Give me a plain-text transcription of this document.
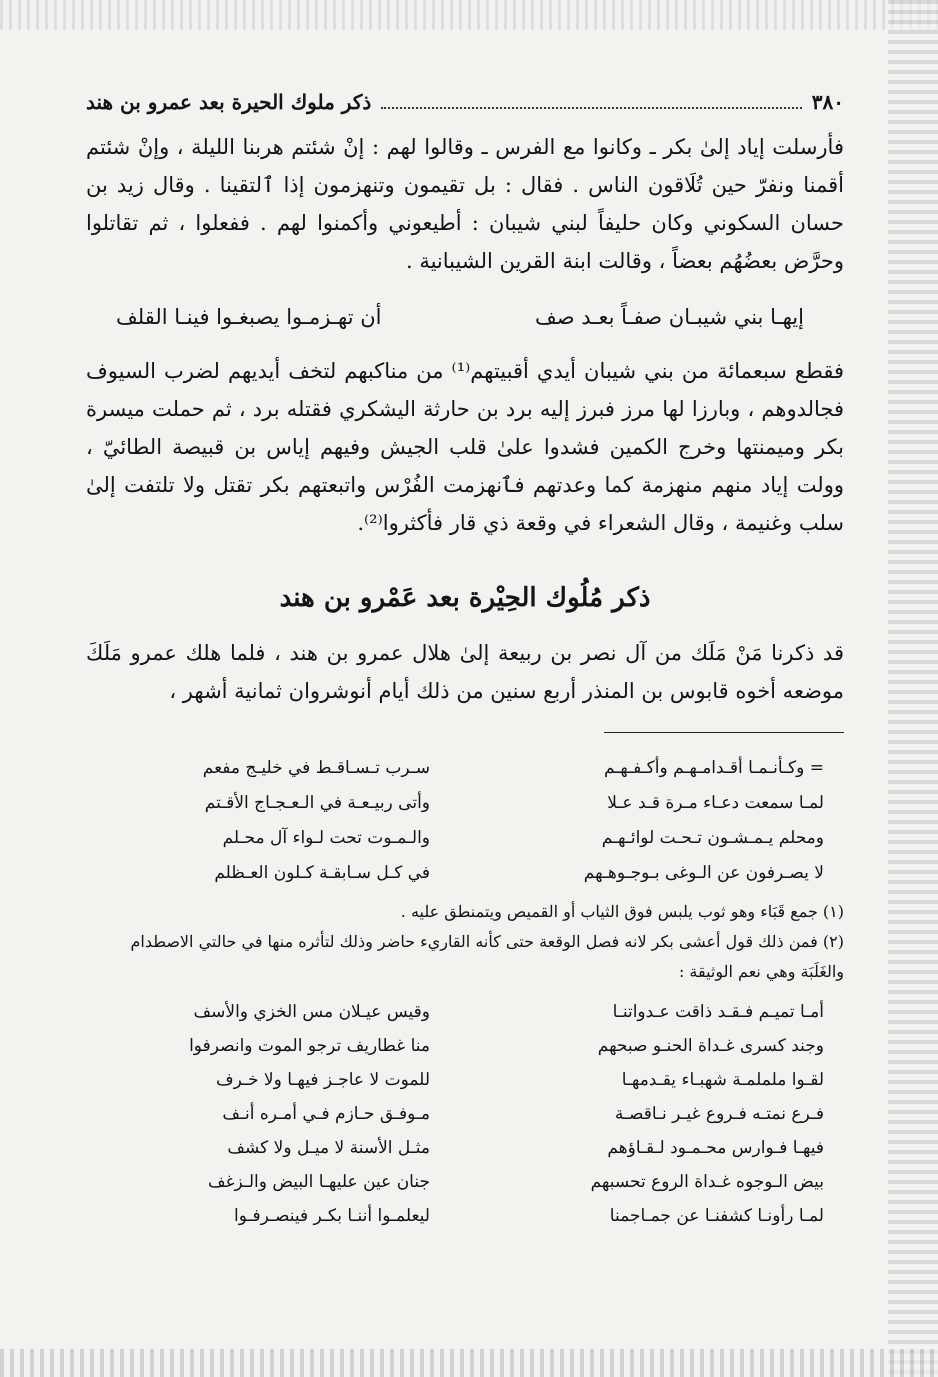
٣٨٠
ذكر ملوك الحيرة بعد عمرو بن هند

فأرسلت إياد إلىٰ بكر ـ وكانوا مع الفرس ـ وقالوا لهم : إنْ شئتم هربنا الليلة ، وإنْ شئتم أقمنا ونفرّ حين تُلَاقون الناس . فقال : بل تقيمون وتنهزمون إذا ٱلتقينا . وقال زيد بن حسان السكوني وكان حليفاً لبني شيبان : أطيعوني وأكمنوا لهم . ففعلوا ، ثم تقاتلوا وحرَّض بعضُهُم بعضاً ، وقالت ابنة القرين الشيبانية .

إيهـا بني شيبـان صفـاً بعـد صف
أن تهـزمـوا يصبغـوا فينـا القلف

فقطع سبعمائة من بني شيبان أيدي أقبيتهم⁽¹⁾ من مناكبهم لتخف أيديهم لضرب السيوف فجالدوهم ، وبارزا لها مرز فبرز إليه برد بن حارثة اليشكري فقتله برد ، ثم حملت ميسرة بكر وميمنتها وخرج الكمين فشدوا علىٰ قلب الجيش وفيهم إياس بن قبيصة الطائيّ ، وولت إياد منهم منهزمة كما وعدتهم فٱنهزمت الفُرْس واتبعتهم بكر تقتل ولا تلتفت إلىٰ سلب وغنيمة ، وقال الشعراء في وقعة ذي قار فأكثروا⁽²⁾.

ذكر مُلُوك الحِيْرة بعد عَمْرو بن هند

قد ذكرنا مَنْ مَلَك من آل نصر بن ربيعة إلىٰ هلال عمرو بن هند ، فلما هلك عمرو مَلَكَ موضعه أخوه قابوس بن المنذر أربع سنين من ذلك أيام أنوشروان ثمانية أشهر ،

= وكـأنـمـا أقـدامـهـم وأكـفـهـم
سـرب تـسـاقـط في خليـج مفعم
لمـا سمعت دعـاء مـرة قـد عـلا
وأتى ربيـعـة في الـعـجـاج الأقـتم
ومحلم يـمـشـون تـحـت لوائـهـم
والـمـوت تحت لـواء آل محـلم
لا يصـرفون عن الـوغى بـوجـوهـهم
في كـل سـابقـة كـلون العـظلم

(١) جمع قَبَاء وهو ثوب يلبس فوق الثياب أو القميص ويتمنطق عليه .

(٢) فمن ذلك قول أعشى بكر لانه فصل الوقعة حتى كأنه القاريء حاضر وذلك لتأثره منها في حالتي الاصطدام والغَلَبَة وهي نعم الوثيقة :

أمـا تميـم فـقـد ذاقت عـدواتنـا
وقيس عيـلان مس الخزي والأسف
وجند كسرى غـداة الحنـو صبحهم
منا غطاريف ترجو الموت وانصرفوا
لقـوا ململمـة شهبـاء يقـدمهـا
للموت لا عاجـز فيهـا ولا خـرف
فـرع نمتـه فـروع غيـر نـاقصـة
مـوفـق حـازم فـي أمـره أنـف
فيهـا فـوارس محـمـود لـقـاؤهم
مثـل الأسنة لا ميـل ولا كشف
بيض الـوجوه غـداة الروع تحسبهم
جنان عين عليهـا البيض والـزغف
لمـا رأونـا كشفنـا عن جمـاجمنا
ليعلمـوا أننـا بكـر فينصـرفـوا
